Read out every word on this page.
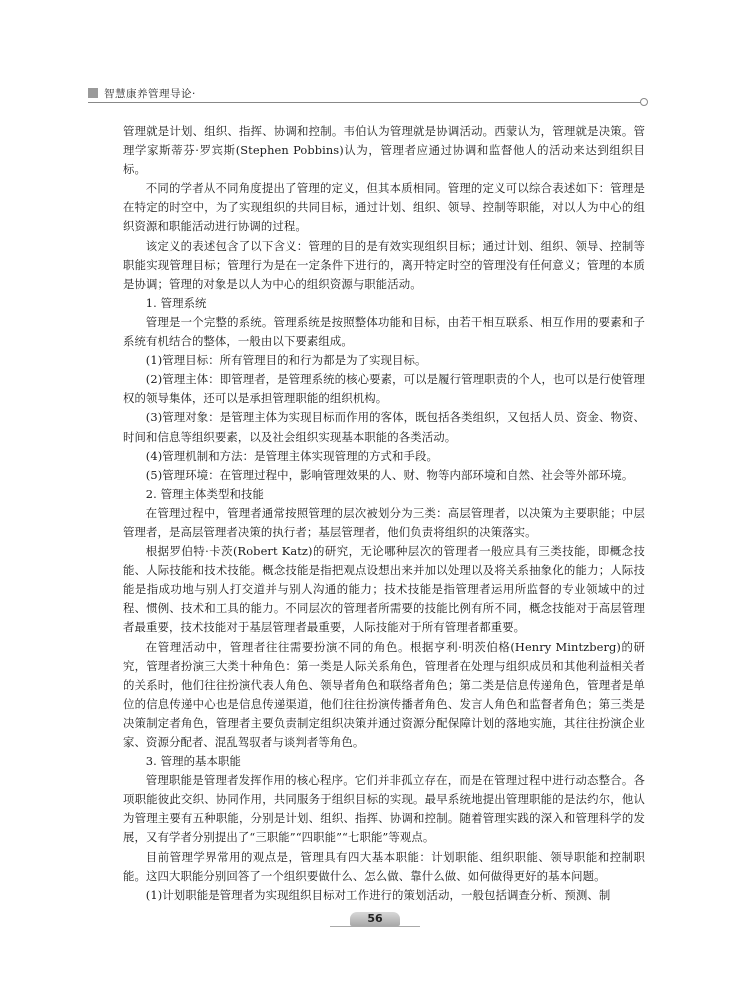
智慧康养管理导论·

管理就是计划、组织、指挥、协调和控制。韦伯认为管理就是协调活动。西蒙认为，管理就是决策。管理学家斯蒂芬·罗宾斯(Stephen Pobbins)认为，管理者应通过协调和监督他人的活动来达到组织目标。

不同的学者从不同角度提出了管理的定义，但其本质相同。管理的定义可以综合表述如下：管理是在特定的时空中，为了实现组织的共同目标，通过计划、组织、领导、控制等职能，对以人为中心的组织资源和职能活动进行协调的过程。

该定义的表述包含了以下含义：管理的目的是有效实现组织目标；通过计划、组织、领导、控制等职能实现管理目标；管理行为是在一定条件下进行的，离开特定时空的管理没有任何意义；管理的本质是协调；管理的对象是以人为中心的组织资源与职能活动。

1. 管理系统

管理是一个完整的系统。管理系统是按照整体功能和目标，由若干相互联系、相互作用的要素和子系统有机结合的整体，一般由以下要素组成。

(1)管理目标：所有管理目的和行为都是为了实现目标。

(2)管理主体：即管理者，是管理系统的核心要素，可以是履行管理职责的个人，也可以是行使管理权的领导集体，还可以是承担管理职能的组织机构。

(3)管理对象：是管理主体为实现目标而作用的客体，既包括各类组织，又包括人员、资金、物资、时间和信息等组织要素，以及社会组织实现基本职能的各类活动。

(4)管理机制和方法：是管理主体实现管理的方式和手段。

(5)管理环境：在管理过程中，影响管理效果的人、财、物等内部环境和自然、社会等外部环境。

2. 管理主体类型和技能

在管理过程中，管理者通常按照管理的层次被划分为三类：高层管理者，以决策为主要职能；中层管理者，是高层管理者决策的执行者；基层管理者，他们负责将组织的决策落实。

根据罗伯特·卡茨(Robert Katz)的研究，无论哪种层次的管理者一般应具有三类技能，即概念技能、人际技能和技术技能。概念技能是指把观点设想出来并加以处理以及将关系抽象化的能力；人际技能是指成功地与别人打交道并与别人沟通的能力；技术技能是指管理者运用所监督的专业领域中的过程、惯例、技术和工具的能力。不同层次的管理者所需要的技能比例有所不同，概念技能对于高层管理者最重要，技术技能对于基层管理者最重要，人际技能对于所有管理者都重要。

在管理活动中，管理者往往需要扮演不同的角色。根据亨利·明茨伯格(Henry Mintzberg)的研究，管理者扮演三大类十种角色：第一类是人际关系角色，管理者在处理与组织成员和其他利益相关者的关系时，他们往往扮演代表人角色、领导者角色和联络者角色；第二类是信息传递角色，管理者是单位的信息传递中心也是信息传递渠道，他们往往扮演传播者角色、发言人角色和监督者角色；第三类是决策制定者角色，管理者主要负责制定组织决策并通过资源分配保障计划的落地实施，其往往扮演企业家、资源分配者、混乱驾驭者与谈判者等角色。

3. 管理的基本职能

管理职能是管理者发挥作用的核心程序。它们并非孤立存在，而是在管理过程中进行动态整合。各项职能彼此交织、协同作用，共同服务于组织目标的实现。最早系统地提出管理职能的是法约尔，他认为管理主要有五种职能，分别是计划、组织、指挥、协调和控制。随着管理实践的深入和管理科学的发展，又有学者分别提出了“三职能”“四职能”“七职能”等观点。

目前管理学界常用的观点是，管理具有四大基本职能：计划职能、组织职能、领导职能和控制职能。这四大职能分别回答了一个组织要做什么、怎么做、靠什么做、如何做得更好的基本问题。

(1)计划职能是管理者为实现组织目标对工作进行的策划活动，一般包括调查分析、预测、制

56
